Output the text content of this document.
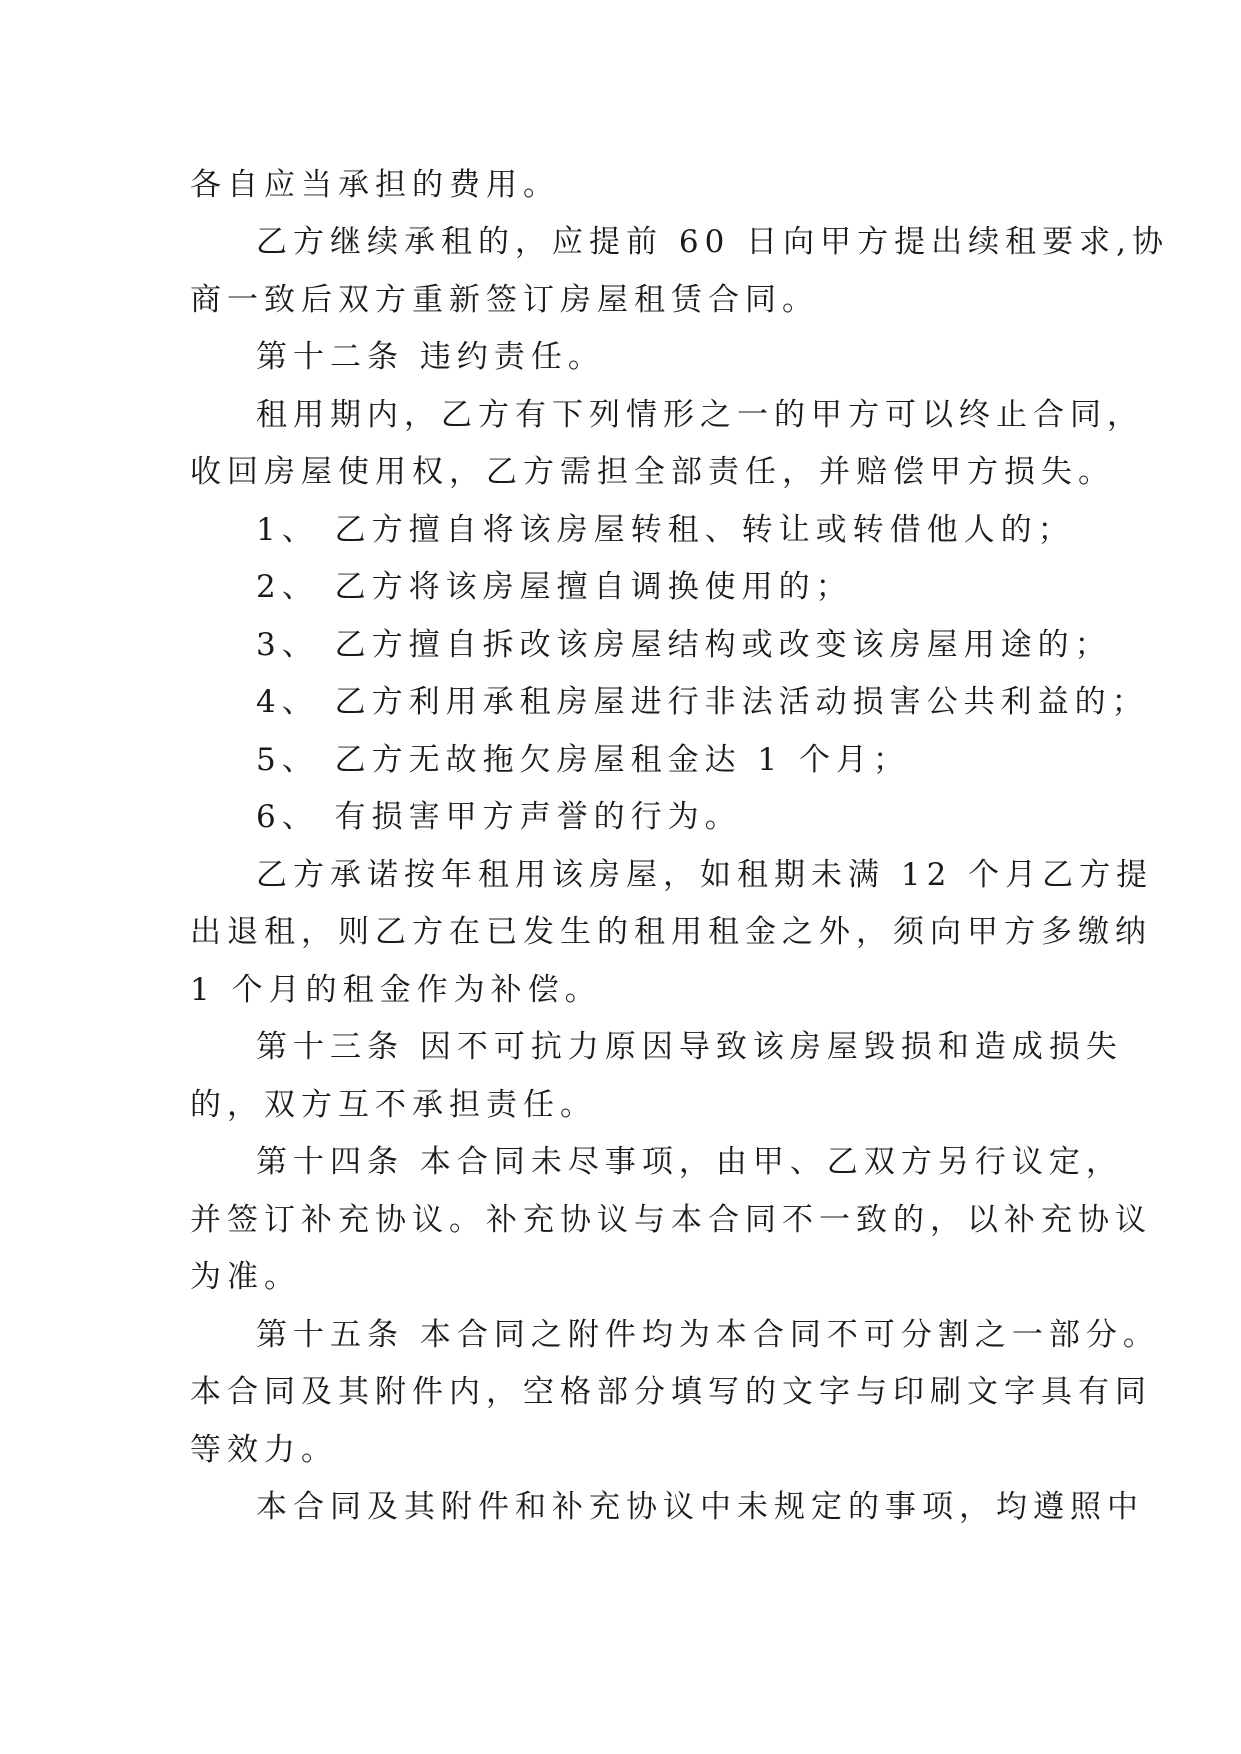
各自应当承担的费用。
乙方继续承租的，应提前 60 日向甲方提出续租要求,协
商一致后双方重新签订房屋租赁合同。
第十二条 违约责任。
租用期内，乙方有下列情形之一的甲方可以终止合同，
收回房屋使用权，乙方需担全部责任，并赔偿甲方损失。
1、 乙方擅自将该房屋转租、转让或转借他人的；
2、 乙方将该房屋擅自调换使用的；
3、 乙方擅自拆改该房屋结构或改变该房屋用途的；
4、 乙方利用承租房屋进行非法活动损害公共利益的；
5、 乙方无故拖欠房屋租金达 1 个月；
6、 有损害甲方声誉的行为。
乙方承诺按年租用该房屋，如租期未满 12 个月乙方提
出退租，则乙方在已发生的租用租金之外，须向甲方多缴纳
1 个月的租金作为补偿。
第十三条 因不可抗力原因导致该房屋毁损和造成损失
的，双方互不承担责任。
第十四条 本合同未尽事项，由甲、乙双方另行议定，
并签订补充协议。补充协议与本合同不一致的，以补充协议
为准。
第十五条 本合同之附件均为本合同不可分割之一部分。
本合同及其附件内，空格部分填写的文字与印刷文字具有同
等效力。
本合同及其附件和补充协议中未规定的事项，均遵照中
